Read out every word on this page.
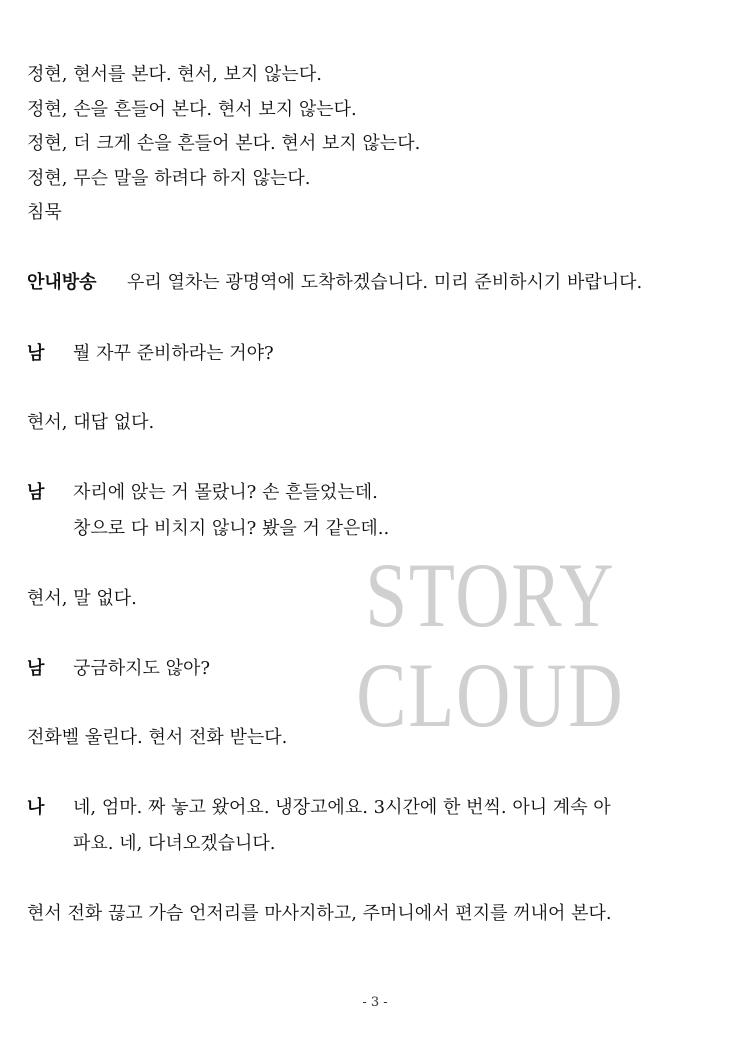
STORY
CLOUD
정현, 현서를 본다. 현서, 보지 않는다.
정현, 손을 흔들어 본다. 현서 보지 않는다.
정현, 더 크게 손을 흔들어 본다. 현서 보지 않는다.
정현, 무슨 말을 하려다 하지 않는다.
침묵
안내방송	우리 열차는 광명역에 도착하겠습니다. 미리 준비하시기 바랍니다.
남	뭘 자꾸 준비하라는 거야?
현서, 대답 없다.
남	자리에 앉는 거 몰랐니? 손 흔들었는데.
창으로 다 비치지 않니? 봤을 거 같은데..
현서, 말 없다.
남	궁금하지도 않아?
전화벨 울린다. 현서 전화 받는다.
나	네, 엄마. 짜 놓고 왔어요. 냉장고에요. 3시간에 한 번씩. 아니 계속 아
파요. 네, 다녀오겠습니다.
현서 전화 끊고 가슴 언저리를 마사지하고, 주머니에서 편지를 꺼내어 본다.
- 3 -
